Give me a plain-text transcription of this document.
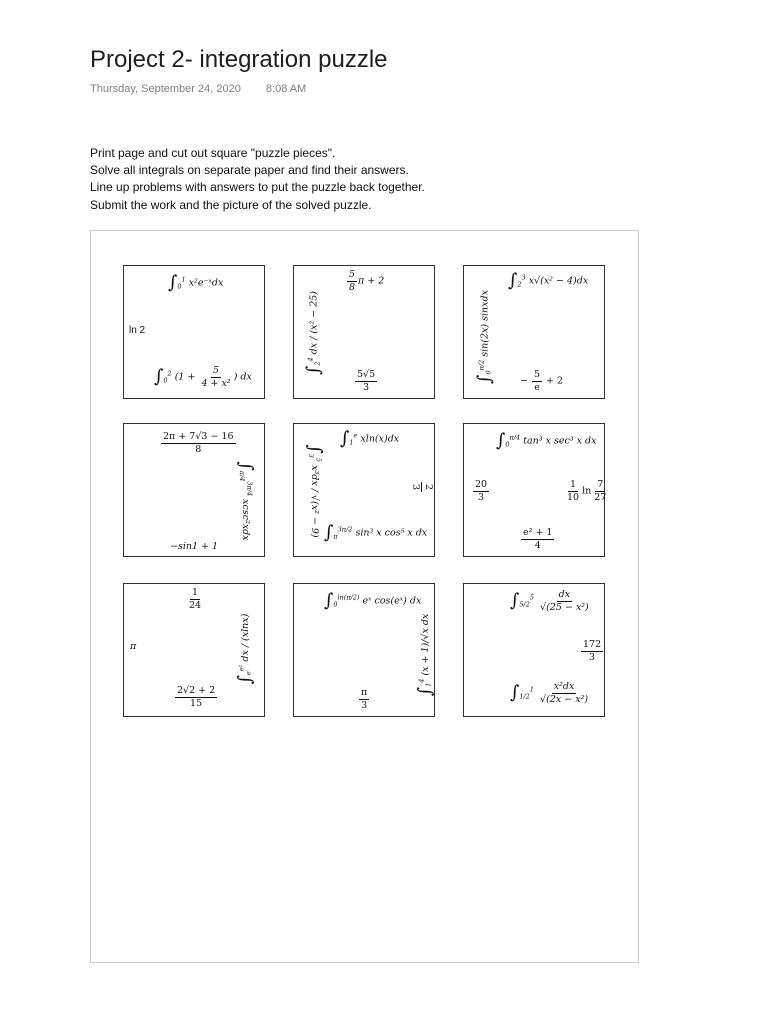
Project 2- integration puzzle
Thursday, September 24, 2020 8:08 AM
Print page and cut out square "puzzle pieces".
Solve all integrals on separate paper and find their answers.
Line up problems with answers to put the puzzle back together.
Submit the work and the picture of the solved puzzle.
$\int_0^1$ x²e⁻ˣdx
ln 2
$\int_0^2$ ($1 + \frac{5}{\text{4 + x²}}$ ) dx
$\frac{5}{8}$ π + 2
$\int_2^4$ dx / (x² − 25)
$\frac{5√5}{3}$
$\int_2^3$ x√(x² − 4)dx
$\int_0^{\pi/2}$ sin(2x) sinxdx
− $\frac{5}{e} + 2$
$\frac{2\pi + 7√3 - 16}{8}$
$\int_{\pi/4}^{3\pi/4}$ xcsc²xdx
−sin1 + 1
$\int_1^e$ xln(x)dx
$\int_3^5$ x³dx / √(x² − 9)	2
3
$\int_\pi^{3\pi/2}$ sin³ x cos⁵ x dx
$\int_0^{\pi/4}$ tan³ x sec³ x dx
$\frac{20}{3}$	$\frac{1}{10}$ $\ln \frac{7}{27}$
$\frac{\text{e² + 1}}{4}$
$\frac{1}{24}$
π
$\int_e^{e^2}$ dx / (xlnx)
$\frac{2√2 + 2}{15}$
$\int_0^{ln(\pi/2)}$ eˣ cos(eˣ) dx
$\int_1^4$ (x + 1)/√x dx
$\frac{\pi}{3}$
$\int_{5/2}^5 \frac{dx}{\text{√(25 − x²)}}$
$\frac{172}{3}$
$\int_{1/2}^1 \frac{\text{x²dx}}{\text{√(2x − x²)}}$
